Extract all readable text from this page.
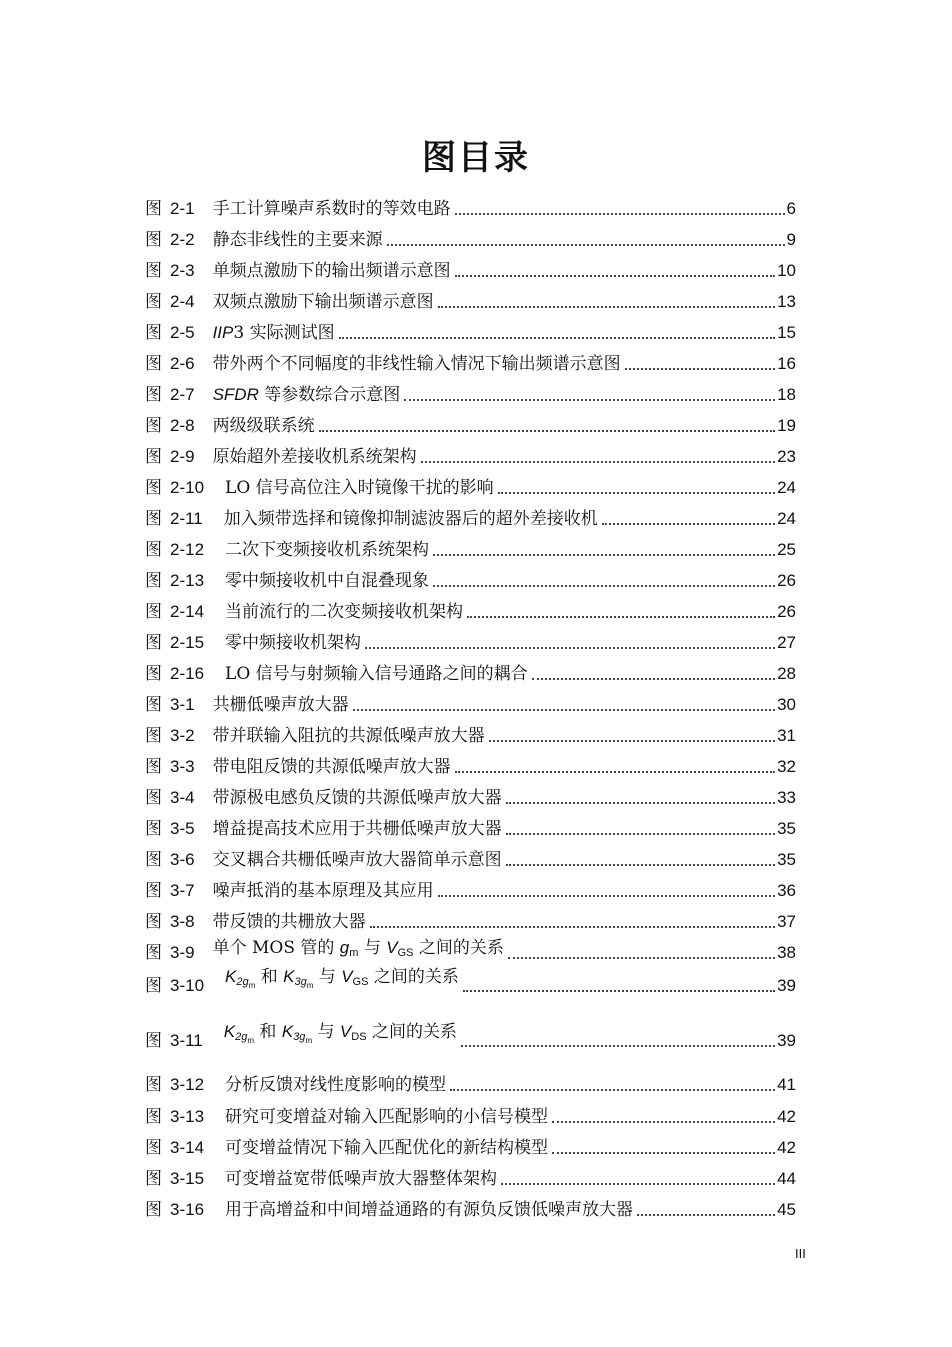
图目录
图 2-1 手工计算噪声系数时的等效电路	6
图 2-2 静态非线性的主要来源	9
图 2-3 单频点激励下的输出频谱示意图	10
图 2-4 双频点激励下输出频谱示意图	13
图 2-5 IIP3 实际测试图	15
图 2-6 带外两个不同幅度的非线性输入情况下输出频谱示意图	16
图 2-7 SFDR 等参数综合示意图	18
图 2-8 两级级联系统	19
图 2-9 原始超外差接收机系统架构	23
图 2-10 LO 信号高位注入时镜像干扰的影响	24
图 2-11 加入频带选择和镜像抑制滤波器后的超外差接收机	24
图 2-12 二次下变频接收机系统架构	25
图 2-13 零中频接收机中自混叠现象	26
图 2-14 当前流行的二次变频接收机架构	26
图 2-15 零中频接收机架构	27
图 2-16 LO 信号与射频输入信号通路之间的耦合	28
图 3-1 共栅低噪声放大器	30
图 3-2 带并联输入阻抗的共源低噪声放大器	31
图 3-3 带电阻反馈的共源低噪声放大器	32
图 3-4 带源极电感负反馈的共源低噪声放大器	33
图 3-5 增益提高技术应用于共栅低噪声放大器	35
图 3-6 交叉耦合共栅低噪声放大器简单示意图	35
图 3-7 噪声抵消的基本原理及其应用	36
图 3-8 带反馈的共栅放大器	37
图 3-9 单个 MOS 管的 $g_m$ 与 $V_{GS}$ 之间的关系	38
图 3-10 $K_{2gm}$ 和 $K_{3gm}$ 与 $V_{GS}$ 之间的关系	39
图 3-11 $K_{2gm}$ 和 $K_{3gm}$ 与 $V_{DS}$ 之间的关系	39
图 3-12 分析反馈对线性度影响的模型	41
图 3-13 研究可变增益对输入匹配影响的小信号模型	42
图 3-14 可变增益情况下输入匹配优化的新结构模型	42
图 3-15 可变增益宽带低噪声放大器整体架构	44
图 3-16 用于高增益和中间增益通路的有源负反馈低噪声放大器	45
III
